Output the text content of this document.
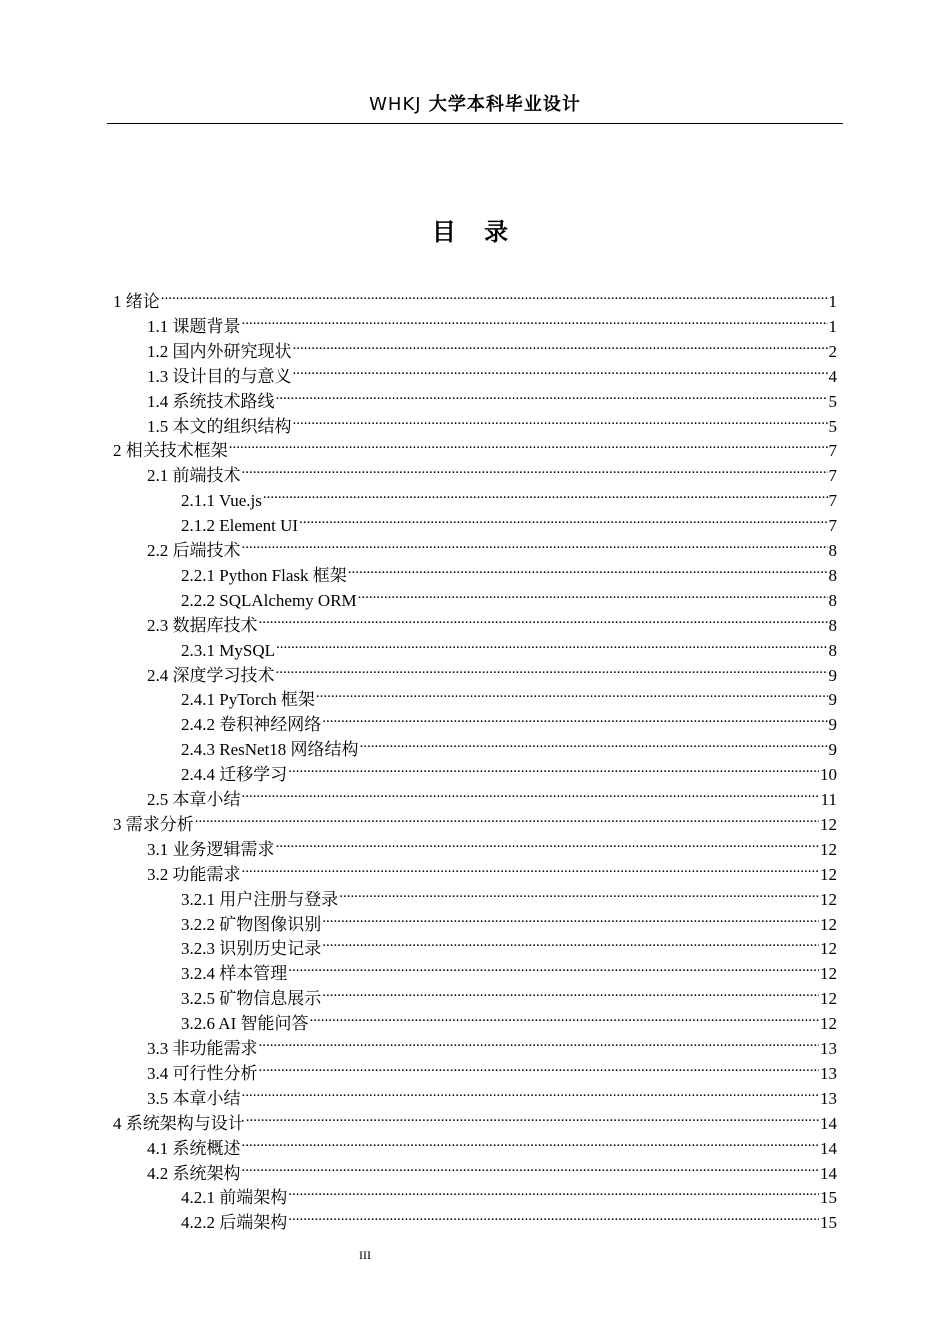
WHKJ 大学本科毕业设计
目 录
1 绪论 .....	1
1.1 课题背景 .....	1
1.2 国内外研究现状 .....	2
1.3 设计目的与意义 .....	4
1.4 系统技术路线 .....	5
1.5 本文的组织结构 .....	5
2 相关技术框架 .....	7
2.1 前端技术 .....	7
2.1.1 Vue.js .....	7
2.1.2 Element UI .....	7
2.2 后端技术 .....	8
2.2.1 Python Flask 框架 .....	8
2.2.2 SQLAlchemy ORM .....	8
2.3 数据库技术 .....	8
2.3.1 MySQL .....	8
2.4 深度学习技术 .....	9
2.4.1 PyTorch 框架 .....	9
2.4.2 卷积神经网络 .....	9
2.4.3 ResNet18 网络结构 .....	9
2.4.4 迁移学习 .....	10
2.5 本章小结 .....	11
3 需求分析 .....	12
3.1 业务逻辑需求 .....	12
3.2 功能需求 .....	12
3.2.1 用户注册与登录 .....	12
3.2.2 矿物图像识别 .....	12
3.2.3 识别历史记录 .....	12
3.2.4 样本管理 .....	12
3.2.5 矿物信息展示 .....	12
3.2.6 AI 智能问答 .....	12
3.3 非功能需求 .....	13
3.4 可行性分析 .....	13
3.5 本章小结 .....	13
4 系统架构与设计 .....	14
4.1 系统概述 .....	14
4.2 系统架构 .....	14
4.2.1 前端架构 .....	15
4.2.2 后端架构 .....	15
III
